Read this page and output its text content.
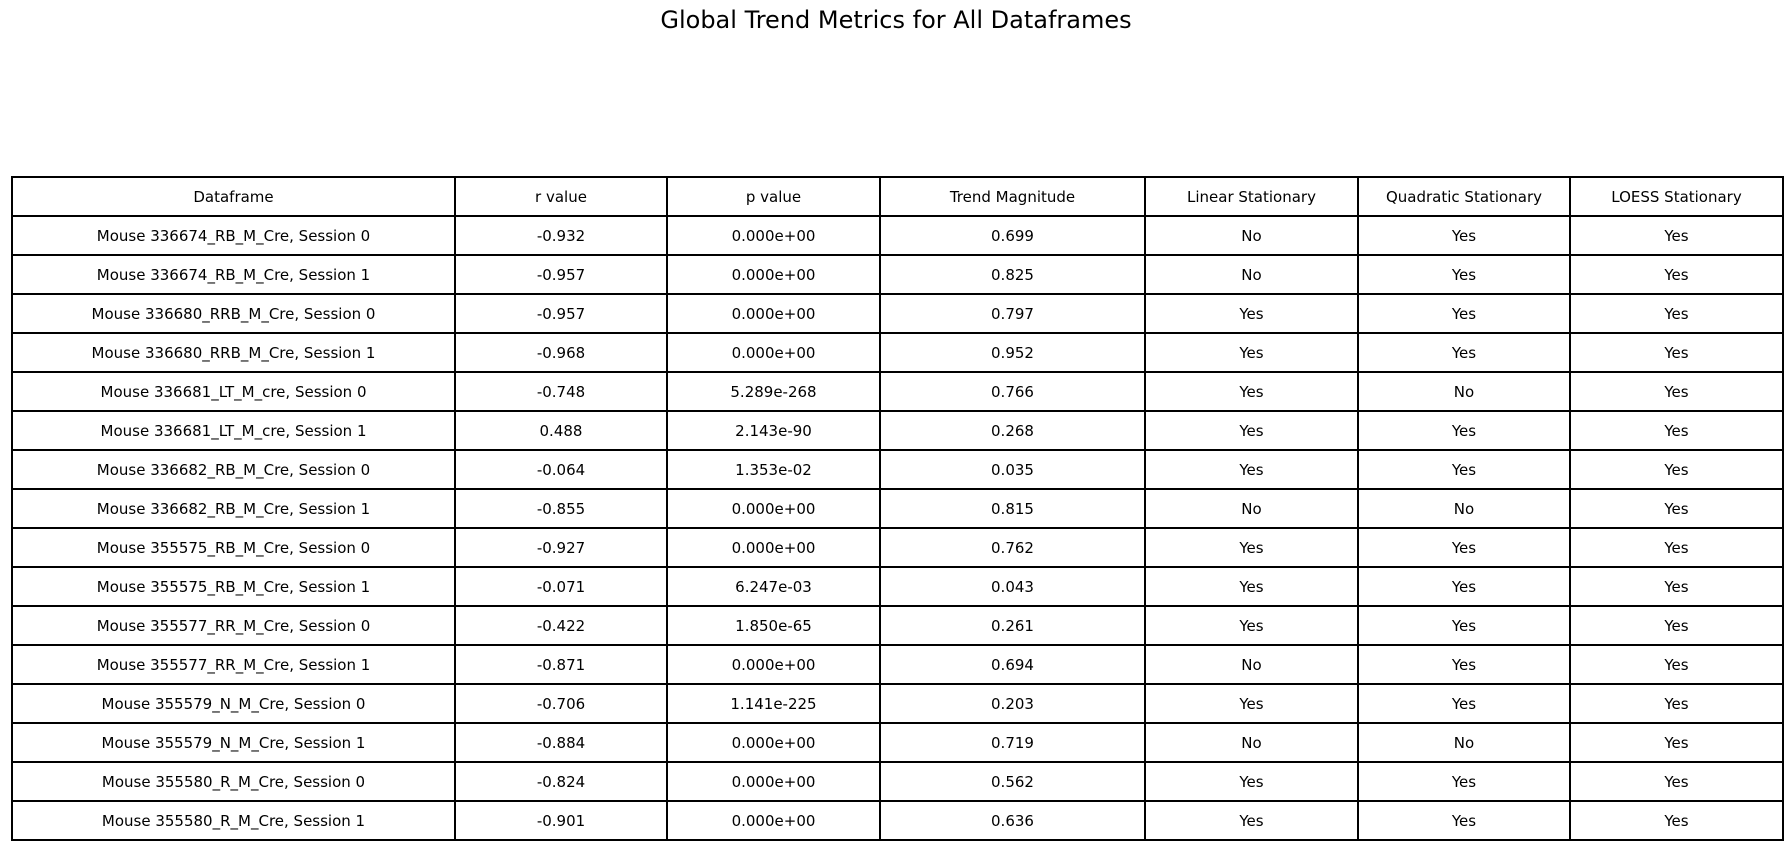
Global Trend Metrics for All Dataframes
Dataframe	r value	p value	Trend Magnitude	Linear Stationary	Quadratic Stationary	LOESS Stationary
Mouse 336674_RB_M_Cre, Session 0	-0.932	0.000e+00	0.699	No	Yes	Yes
Mouse 336674_RB_M_Cre, Session 1	-0.957	0.000e+00	0.825	No	Yes	Yes
Mouse 336680_RRB_M_Cre, Session 0	-0.957	0.000e+00	0.797	Yes	Yes	Yes
Mouse 336680_RRB_M_Cre, Session 1	-0.968	0.000e+00	0.952	Yes	Yes	Yes
Mouse 336681_LT_M_cre, Session 0	-0.748	5.289e-268	0.766	Yes	No	Yes
Mouse 336681_LT_M_cre, Session 1	0.488	2.143e-90	0.268	Yes	Yes	Yes
Mouse 336682_RB_M_Cre, Session 0	-0.064	1.353e-02	0.035	Yes	Yes	Yes
Mouse 336682_RB_M_Cre, Session 1	-0.855	0.000e+00	0.815	No	No	Yes
Mouse 355575_RB_M_Cre, Session 0	-0.927	0.000e+00	0.762	Yes	Yes	Yes
Mouse 355575_RB_M_Cre, Session 1	-0.071	6.247e-03	0.043	Yes	Yes	Yes
Mouse 355577_RR_M_Cre, Session 0	-0.422	1.850e-65	0.261	Yes	Yes	Yes
Mouse 355577_RR_M_Cre, Session 1	-0.871	0.000e+00	0.694	No	Yes	Yes
Mouse 355579_N_M_Cre, Session 0	-0.706	1.141e-225	0.203	Yes	Yes	Yes
Mouse 355579_N_M_Cre, Session 1	-0.884	0.000e+00	0.719	No	No	Yes
Mouse 355580_R_M_Cre, Session 0	-0.824	0.000e+00	0.562	Yes	Yes	Yes
Mouse 355580_R_M_Cre, Session 1	-0.901	0.000e+00	0.636	Yes	Yes	Yes
